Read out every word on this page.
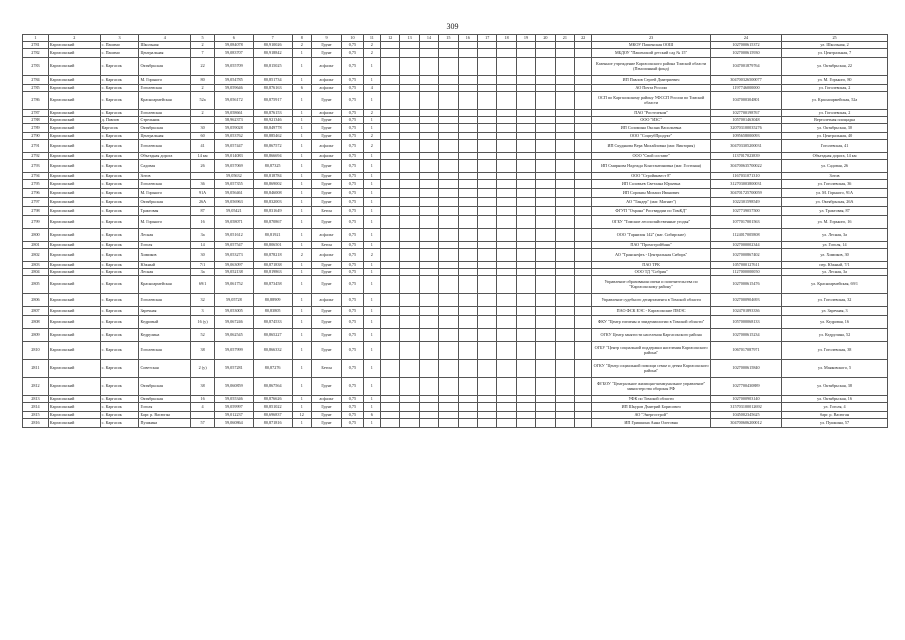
309
1	2	3	4	5	6	7	8	9	10	11	12	13	14	15	16	17	18	19	20	21	22	23	24	25
2781	Каргасокский	с. Пашено	Школьная	2	59,084078	80,910026	2	Грунт	0,75	2												МКОУ Пашенская ООШ	1027000615372	ул. Школьная, 2
2782	Каргасокский	с. Пашено	Центральная	7	59,083707	80,918842	1	Грунт	0,75	2												МБДОУ "Пашенский детский сад № 15"	1027000615930	ул. Центральная, 7
2783	Каргасокский	с. Каргасок	Октябрьская	22	59,055709	80,815025	1	асфальт	0,75	1												Казенное учреждение Каргасокского района Томской области (Пенсионный фонд)	1047001879764	ул. Октябрьская, 22
2784	Каргасокский	с. Каргасок	М. Горького	80	59,054785	80,851734	1	асфальт	0,75	1												ИП Павлов Сергей Дмитриевич	304700326500077	ул. М. Горького, 80
2785	Каргасокский	с. Каргасок	Гоголевская	2	59,059646	80,876163	6	асфальт	0,75	4												АО Почта России	1197746000000	ул. Гоголевская, 2
2786	Каргасокский	с. Каргасок	Красноармейская	52а	59,056172	80,875917	1	Грунт	0,75	1												ОСП по Каргасокскому району УФССП России по Томской области	1047000304801	ул. Красноармейская, 52а
2787	Каргасокский	с. Каргасок	Гоголевская	2	59,058661	80,876153	1	асфальт	0,75	2												ПАО "Ростелеком"	1027700198767	ул. Гоголевская, 2
2788	Каргасокский	д. Павлов	Стрельник		58,962373	80,921346	1	Грунт	0,75	1												ООО "ИЗС"	1057001463048	Вертолетная площадка
2789	Каргасокский	Каргасок	Октябрьская	30	59,059028	80,849778	1	Грунт	0,75	1												ИП Соломина Оксана Васильевна	320703100035276	ул. Октябрьская, 30
2790	Каргасокский	с. Каргасок	Центральная	60	59,053762	80,885462	1	Грунт	0,75	2												ООО "СоцпубПродукт"	1095658000093	ул. Центральная, 40
2791	Каргасокский	с. Каргасок	Гоголевская	41	59,057447	80,867572	1	асфальт	0,75	2												ИП Скудякова Вера Михайловна (маг. Виктория)	304703305200031	Гоголевская, 41
2792	Каргасокский	с. Каргасок	Объездная дорога	14 км	59,014083	80,866694	1	асфальт	0,75	1												ООО "Свой составе"	1137017023839	Объездная дорога, 14 км
2793	Каргасокский	с. Каргасок	Садовая	26	59,057069	80,87325	1	Грунт	0,75	1												ИП Смирнова Надежда Константиновна (маг. Гостиная)	304700635700022	ул. Садовая, 26
2794	Каргасокский	с. Каргасок	Зотов		59,05632	80,818784	1	Грунт	0,75	1												ООО "Стройинвест 8"	1167031071310	Зотов
2795	Каргасокский	с. Каргасок	Гоголевская	36	59,057355	80,869002	1	Грунт	0,75	1												ИП Соловьев Светлана Юрьевна	312703003800031	ул. Гоголевская, 36
2796	Каргасокский	с. Каргасок	М. Горького	91А	59,056461	80,846008	1	Грунт	0,75	1												ИП Сорокин Михаил Иванович	304701725700059	ул. М. Горького, 91А
2797	Каргасокский	с. Каргасок	Октябрьская	26А	59,056963	80,832003	1	Грунт	0,75	1												АО "Тандер" (маг. Магнит")	1022301598549	ул. Октябрьская, 26А
2798	Каргасокский	с. Каргасок	Трактовая	87	59,05421	80,831649	1	Бетон	0,75	1												ФГУП "Охрана" Росгвардии по ТомКД"	1027739057500	ул. Трактовая, 87
2799	Каргасокский	с. Каргасок	М. Горького	16	59,058071	80,870867	1	Грунт	0,75	1												ОГБУ "Томские лесохозяйственные угодья"	1077017001563	ул. М. Горького, 16
2800	Каргасокский	с. Каргасок	Лесная	3а	59,051612	80,81921	1	асфальт	0,75	1												ООО "Гарнизон 142" (маг. Сибирские)	1124017005808	ул. Лесная, 3а
2801	Каргасокский	с. Каргасок	Гоголя	14	59,057547	80,806501	1	Бетон	0,75	1												ПАО "Промстройбанк"	1027000002344	ул. Гоголя, 14
2802	Каргасокский	с. Каргасок	Химиков	30	59,053273	80,878218	2	асфальт	0,75	2												АО "Транснефть - Центральная Сибирь"	1027000867402	ул. Химиков, 30
2803	Каргасокский	с. Каргасок	Южный	7/1	59,063097	80,871838	1	Грунт	0,75	1												ПАО ТРК	1057000127611	пер. Южный, 7/1
2804	Каргасокский	с. Каргасок	Лесная	3а	59,052138	80,819863	1	Грунт	0,75	1												ООО ТД "Собрия"	1127000000050	ул. Лесная, 3а
2805	Каргасокский	с. Каргасок	Красноармейская	69/1	59,061752	80,873458	1	Грунт	0,75	1												Управление образования опеки и попечительства по "Каргасокскому району"	1027000615476	ул. Красноармейская, 69/1
2806	Каргасокский	с. Каргасок	Гоголевская	32	59,05728	80,88909	1	асфальт	0,75	1												Управление судебного департамента в Томской области	1027000904693	ул. Гоголевская, 32
2807	Каргасокский	с. Каргасок	Заречная	3	59,053005	80,83805	1	Грунт	0,75	1												ПАО ФСК ЕЭС - Каргасокские ПМЭС	1024701893336	ул. Заречная, 3
2808	Каргасокский	с. Каргасок	Кедровый	16 (у)	59,067246	80,874533	1	Грунт	0,75	1												ФКУ "Центр гигиены и эпидемиологии в Томской области"	1057000068133	ул. Кедровая, 16
2809	Каргасокский	с. Каргасок	Кедрулина	52	59,062545	80,865227	1	Грунт	0,75	1												ОГКУ Центр занятости населения Каргасокского района	1027000615234	ул. Кедрулина, 52
2810	Каргасокский	с. Каргасок	Гоголевская	38	59,057999	80,866332	1	Грунт	0,75	1												ОГБУ "Центр социальной поддержки населения Каргасокского района"	1067017087971	ул. Гоголевская, 38
2811	Каргасокский	с. Каргасок	Советская	2 (у)	59,057281	80,87276	1	Бетон	0,75	1												ОГКУ "Центр социальной помощи семье и детям Каргасокского района"	1027000615840	ул. Маяковского, 5
2812	Каргасокский	с. Каргасок	Октябрьская	38	59,060859	80,867564	1	Грунт	0,75	1												ФГБОУ "Центральное жилищно-коммунальное управление" министерства обороны РФ	1027700430889	ул. Октябрьская, 38
2813	Каргасокский	с. Каргасок	Октябрьская	16	59,055346	80,876626	1	асфальт	0,75	1												УФК по Томской области	1027000903140	ул. Октябрьская, 16
2814	Каргасокский	с. Каргасок	Гоголя	4	59,059997	80,851022	1	Грунт	0,75	1												ИП Шкуров Дмитрий Борисович	315703100012692	ул. Гоголя, 4
2815	Каргасокский	с. Каргасок	Барг. р. Васюган		59,012237	80,696837	12	Грунт	0,75	6												АО "Энергострой"	1045002345625	барг. р. Васюган
2816	Каргасокский	с. Каргасок	Пушкина	57	59,060864	80,871816	1	Грунт	0,75	1												ИП Гришкина Анна Олеговна	304700606200012	ул. Пушкина, 57
